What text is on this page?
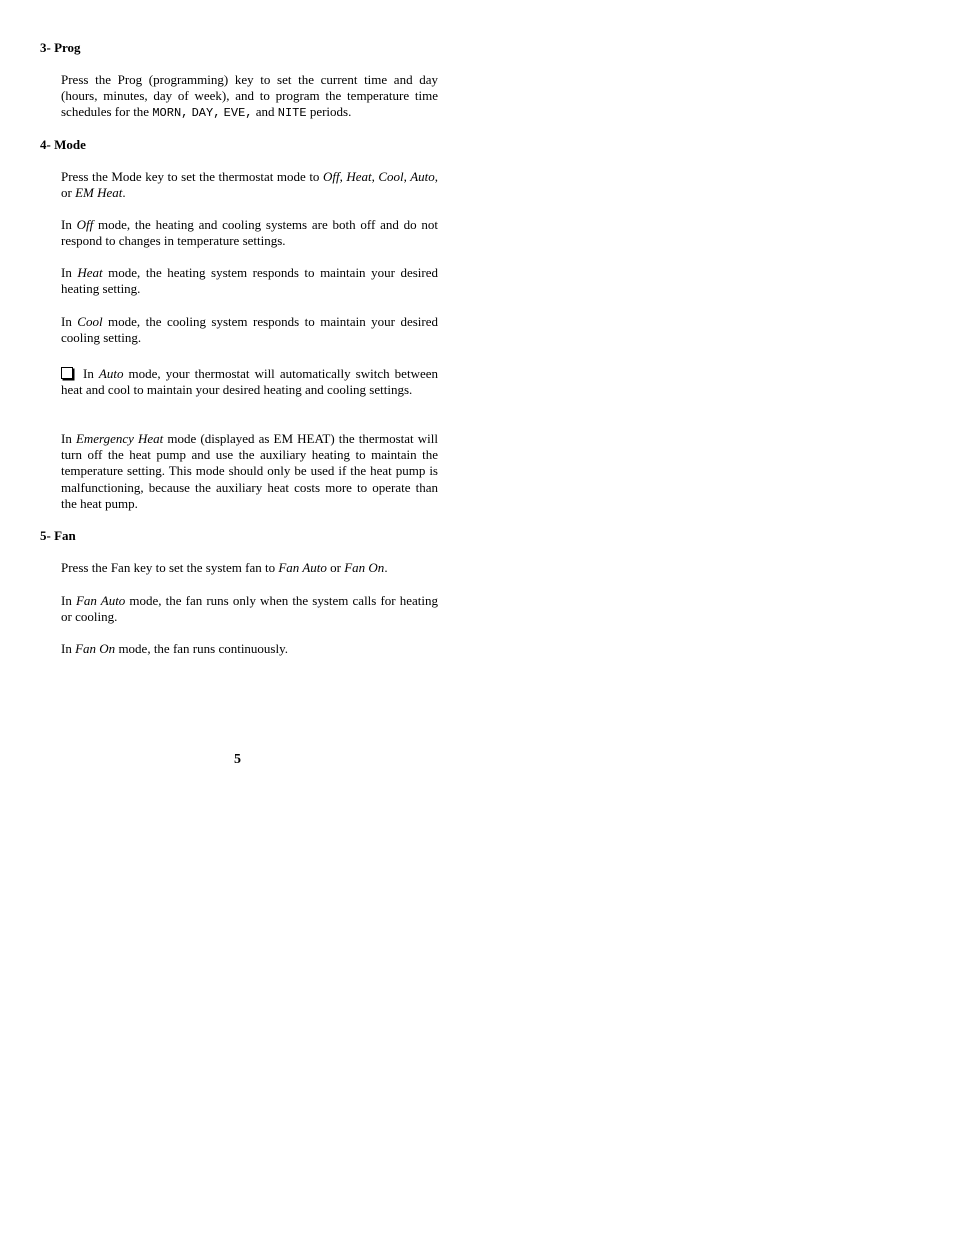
3- Prog

Press the Prog (programming) key to set the current time and day (hours, minutes, day of week), and to program the temperature time schedules for the MORN, DAY, EVE, and NITE periods.

4- Mode

Press the Mode key to set the thermostat mode to Off, Heat, Cool, Auto, or EM Heat.

In Off mode, the heating and cooling systems are both off and do not respond to changes in temperature settings.

In Heat mode, the heating system responds to maintain your desired heating setting.

In Cool mode, the cooling system responds to maintain your desired cooling setting.

In Auto mode, your thermostat will automatically switch between heat and cool to maintain your desired heating and cooling settings.

In Emergency Heat mode (displayed as EM HEAT) the thermostat will turn off the heat pump and use the auxiliary heating to maintain the temperature setting. This mode should only be used if the heat pump is malfunctioning, because the auxiliary heat costs more to operate than the heat pump.

5- Fan

Press the Fan key to set the system fan to Fan Auto or Fan On.

In Fan Auto mode, the fan runs only when the system calls for heating or cooling.

In Fan On mode, the fan runs continuously.

5
